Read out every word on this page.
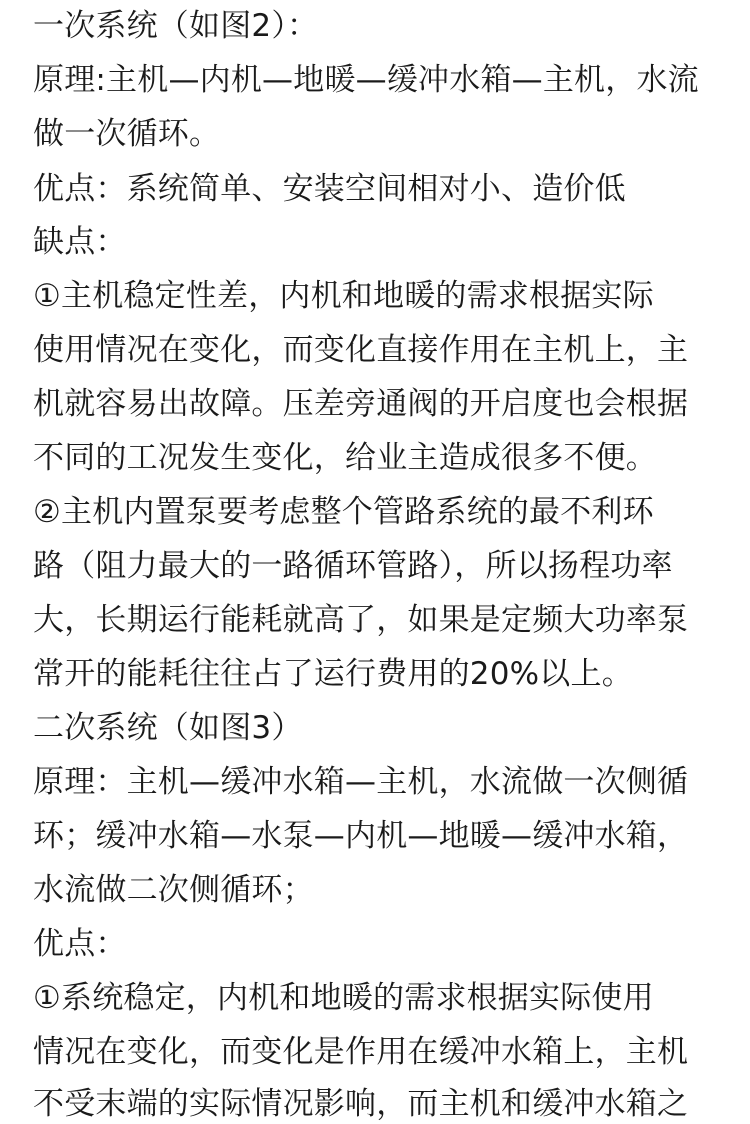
一次系统（如图2）：
原理:主机—内机—地暖—缓冲水箱—主机，水流
做一次循环。
优点：系统简单、安装空间相对小、造价低
缺点：
①主机稳定性差，内机和地暖的需求根据实际
使用情况在变化，而变化直接作用在主机上，主
机就容易出故障。压差旁通阀的开启度也会根据
不同的工况发生变化，给业主造成很多不便。
②主机内置泵要考虑整个管路系统的最不利环
路（阻力最大的一路循环管路），所以扬程功率
大，长期运行能耗就高了，如果是定频大功率泵
常开的能耗往往占了运行费用的20%以上。
二次系统（如图3）
原理：主机—缓冲水箱—主机，水流做一次侧循
环；缓冲水箱—水泵—内机—地暖—缓冲水箱，
水流做二次侧循环；
优点：
①系统稳定，内机和地暖的需求根据实际使用
情况在变化，而变化是作用在缓冲水箱上，主机
不受末端的实际情况影响，而主机和缓冲水箱之
